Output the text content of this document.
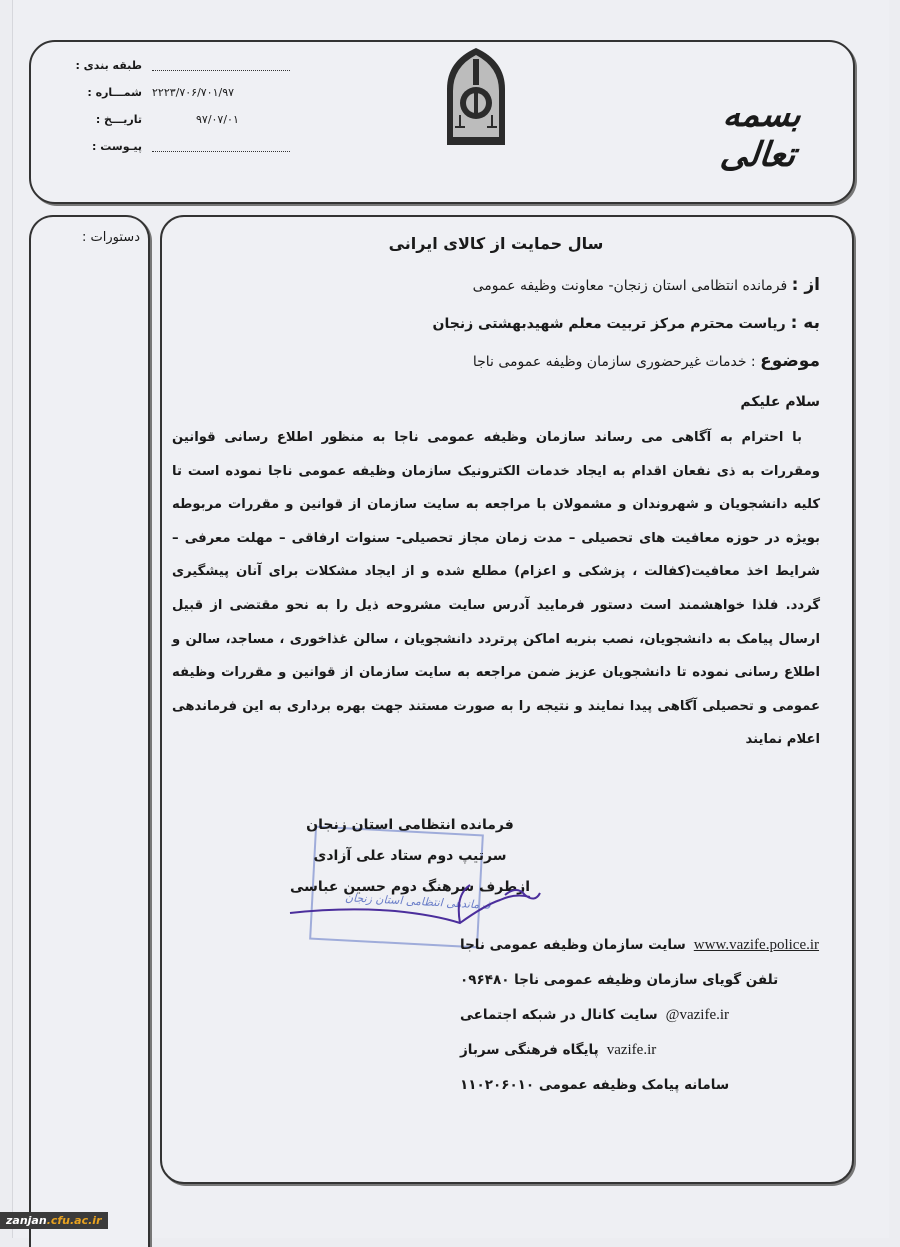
طبقه بندی :
شمـــاره : ۲۲۲۳/۷۰۶/۷۰۱/۹۷
تاریـــخ :	۹۷/۰۷/۰۱
پیـوست :
بسمه تعالی
دستورات :	سال حمایت از کالای ایرانی
از : فرمانده انتظامی استان زنجان- معاونت وظیفه عمومی
به : ریاست محترم مرکز تربیت معلم شهیدبهشتی زنجان
موضوع : خدمات غیرحضوری سازمان وظیفه عمومی ناجا
سلام علیکم
با احترام به آگاهی می رساند سازمان وظیفه عمومی ناجا به منظور اطلاع رسانی قوانین ومقررات به ذی نفعان اقدام به ایجاد خدمات الکترونیک سازمان وظیفه عمومی ناجا نموده است تا کلیه دانشجویان و شهروندان و مشمولان با مراجعه به سایت سازمان از قوانین و مقررات مربوطه بویژه در حوزه معافیت های تحصیلی – مدت زمان مجاز تحصیلی- سنوات ارفاقی – مهلت معرفی – شرایط اخذ معافیت(کفالت ، پزشکی و اعزام) مطلع شده و از ایجاد مشکلات برای آنان پیشگیری گردد. فلذا خواهشمند است دستور فرمایید آدرس سایت مشروحه ذیل را به نحو مقتضی از قبیل ارسال پیامک به دانشجویان، نصب بنربه اماکن پرتردد دانشجویان ، سالن غذاخوری ، مساجد، سالن و اطلاع رسانی نموده تا دانشجویان عزیز ضمن مراجعه به سایت سازمان از قوانین و مقررات وظیفه عمومی و تحصیلی آگاهی پیدا نمایند و نتیجه را به صورت مستند جهت بهره برداری به این فرماندهی اعلام نمایند
فرماندهی انتظامی استان زنجان
فرمانده انتظامی استان زنجان
سرتیپ دوم ستاد علی آزادی
ازطرف سرهنگ دوم حسین عباسی
سایت سازمان وظیفه عمومی ناجا www.vazife.police.ir
تلفن گویای سازمان وظیفه عمومی ناجا ۰۹۶۴۸۰
سایت کانال در شبکه اجتماعی @vazife.ir
پایگاه فرهنگی سرباز vazife.ir
سامانه پیامک وظیفه عمومی ۱۱۰۲۰۶۰۱۰
zanjan.cfu.ac.ir
